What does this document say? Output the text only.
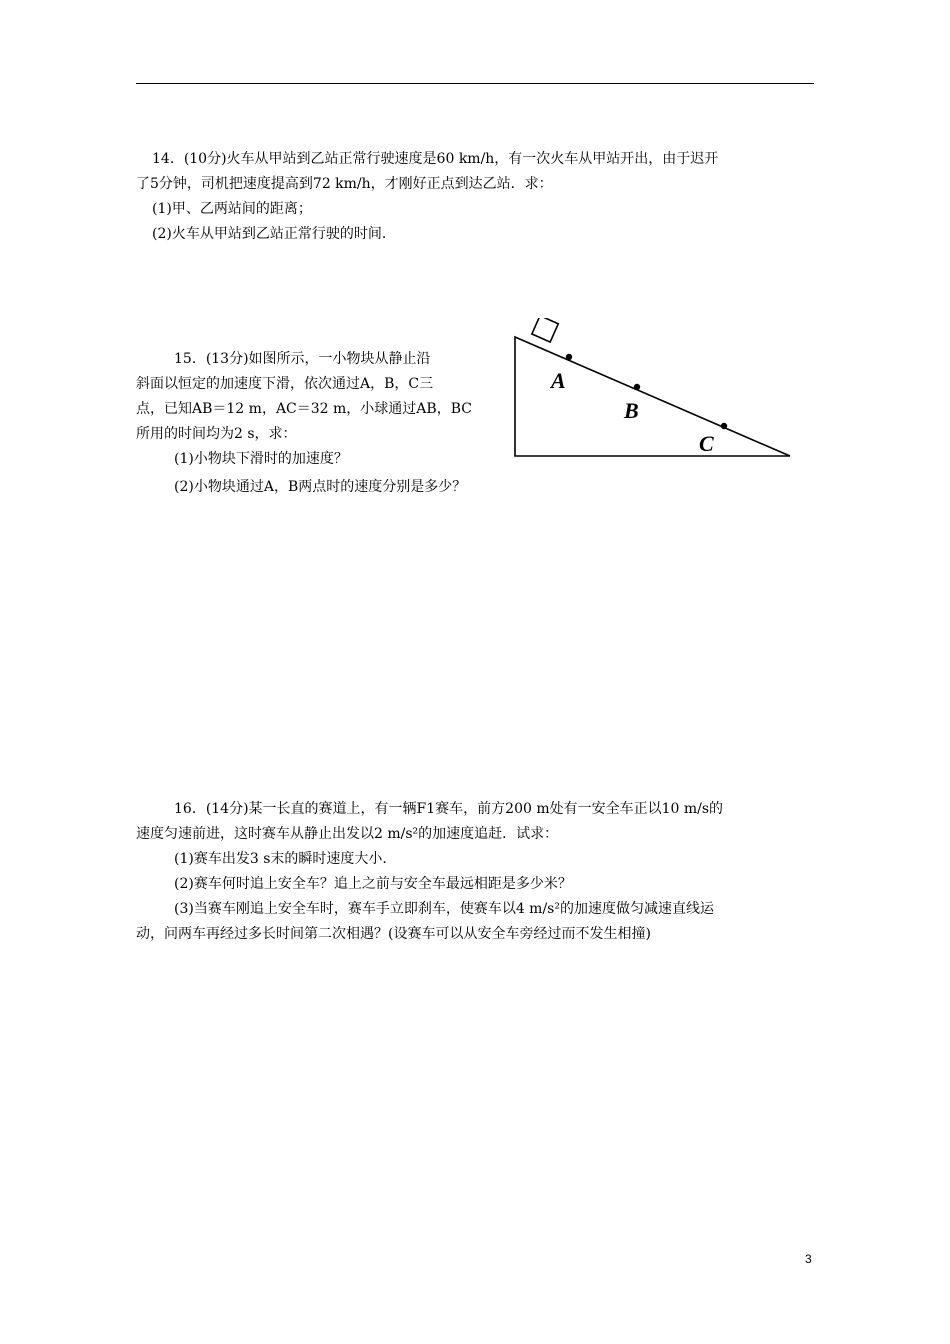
14．(10分)火车从甲站到乙站正常行驶速度是60 km/h，有一次火车从甲站开出，由于迟开
了5分钟，司机把速度提高到72 km/h，才刚好正点到达乙站．求：
(1)甲、乙两站间的距离；
(2)火车从甲站到乙站正常行驶的时间．
15．(13分)如图所示，一小物块从静止沿
斜面以恒定的加速度下滑，依次通过A，B，C三
点，已知AB＝12 m，AC＝32 m，小球通过AB，BC
所用的时间均为2 s，求：
(1)小物块下滑时的加速度？
(2)小物块通过A，B两点时的速度分别是多少？
A
B
C
16．(14分)某一长直的赛道上，有一辆F1赛车，前方200 m处有一安全车正以10 m/s的
速度匀速前进，这时赛车从静止出发以2 m/s²的加速度追赶．试求：
(1)赛车出发3 s末的瞬时速度大小．
(2)赛车何时追上安全车？追上之前与安全车最远相距是多少米？
(3)当赛车刚追上安全车时，赛车手立即刹车，使赛车以4 m/s²的加速度做匀减速直线运
动，问两车再经过多长时间第二次相遇？(设赛车可以从安全车旁经过而不发生相撞)
3
